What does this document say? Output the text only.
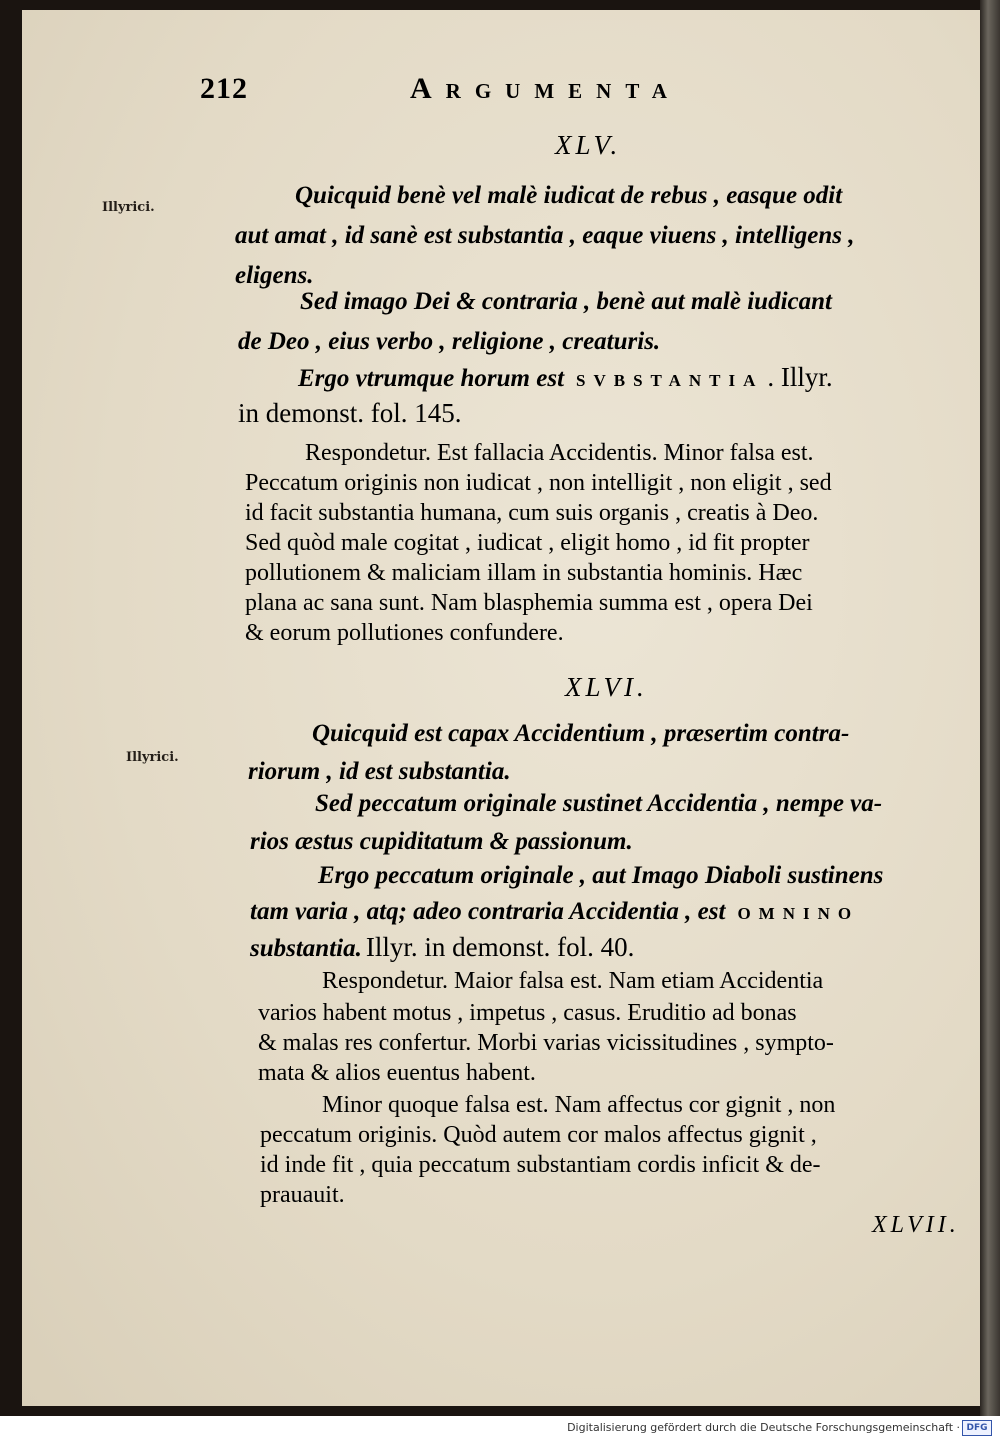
212	Argumenta
XLV.
Illyrici.	Quicquid benè vel malè iudicat de rebus , easque odit
aut amat , id sanè est substantia , eaque viuens , intelligens ,
eligens.
Sed imago Dei & contraria , benè aut malè iudicant
de Deo , eius verbo , religione , creaturis.
Ergo vtrumque horum est SVBSTANTIA . Illyr.
in demonst. fol. 145.
Respondetur. Est fallacia Accidentis. Minor falsa est.
Peccatum originis non iudicat , non intelligit , non eligit , sed
id facit substantia humana, cum suis organis , creatis à Deo.
Sed quòd male cogitat , iudicat , eligit homo , id fit propter
pollutionem & maliciam illam in substantia hominis. Hæc
plana ac sana sunt. Nam blasphemia summa est , opera Dei
& eorum pollutiones confundere.
XLVI.
Illyrici.
Quicquid est capax Accidentium , præsertim contra-
riorum , id est substantia.
Sed peccatum originale sustinet Accidentia , nempe va-
rios æstus cupiditatum & passionum.
Ergo peccatum originale , aut Imago Diaboli sustinens
tam varia , atq; adeo contraria Accidentia , est OMNINO
substantia. Illyr. in demonst. fol. 40.
Respondetur. Maior falsa est. Nam etiam Accidentia
varios habent motus , impetus , casus. Eruditio ad bonas
& malas res confertur. Morbi varias vicissitudines , sympto-
mata & alios euentus habent.
Minor quoque falsa est. Nam affectus cor gignit , non
peccatum originis. Quòd autem cor malos affectus gignit ,
id inde fit , quia peccatum substantiam cordis inficit & de-
prauauit.
XLVII.
Digitalisierung gefördert durch die Deutsche Forschungsgemeinschaft · DFG
